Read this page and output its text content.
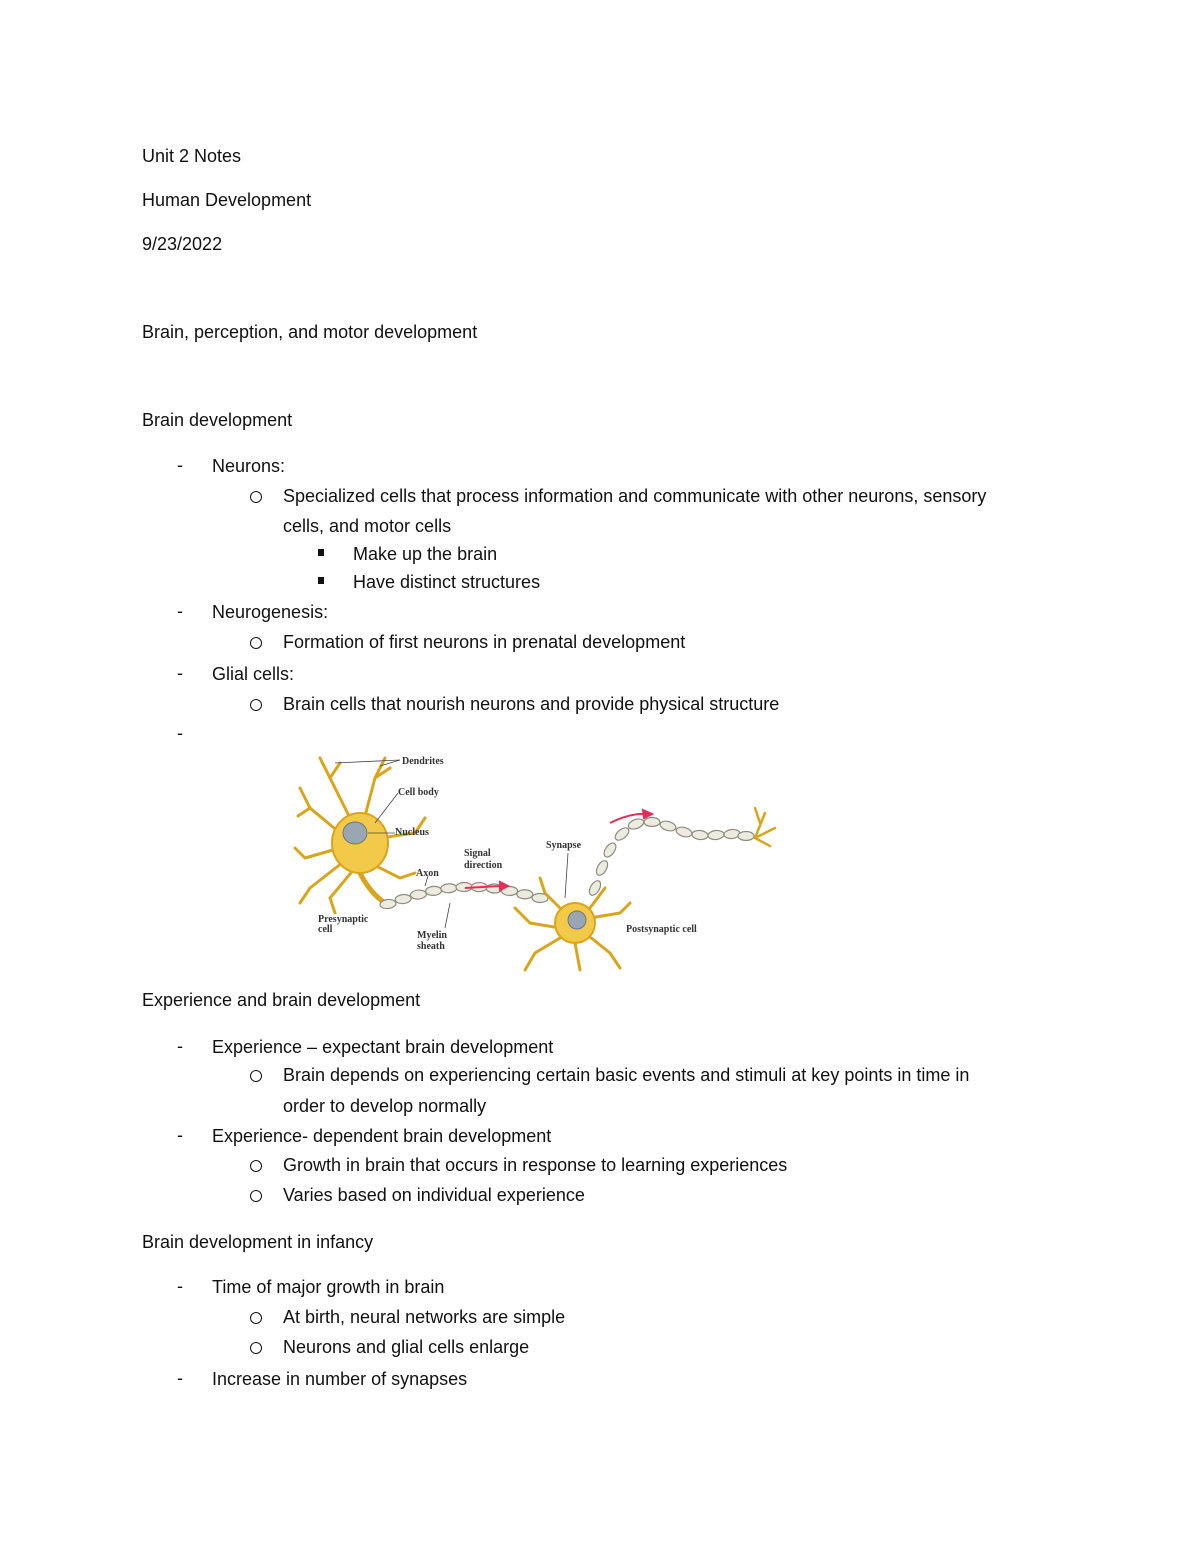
Unit 2 Notes
Human Development
9/23/2022
Brain, perception, and motor development
Brain development
- Neurons:
Specialized cells that process information and communicate with other neurons, sensory
cells, and motor cells
Make up the brain
Have distinct structures
- Neurogenesis:
Formation of first neurons in prenatal development
- Glial cells:
Brain cells that nourish neurons and provide physical structure
-
Dendrites
Cell body
Nucleus
Axon
Signal
direction
Synapse
Presynaptic
cell
Myelin
sheath
Postsynaptic cell
Experience and brain development
- Experience – expectant brain development
Brain depends on experiencing certain basic events and stimuli at key points in time in
order to develop normally
- Experience- dependent brain development
Growth in brain that occurs in response to learning experiences
Varies based on individual experience
Brain development in infancy
- Time of major growth in brain
At birth, neural networks are simple
Neurons and glial cells enlarge
- Increase in number of synapses
